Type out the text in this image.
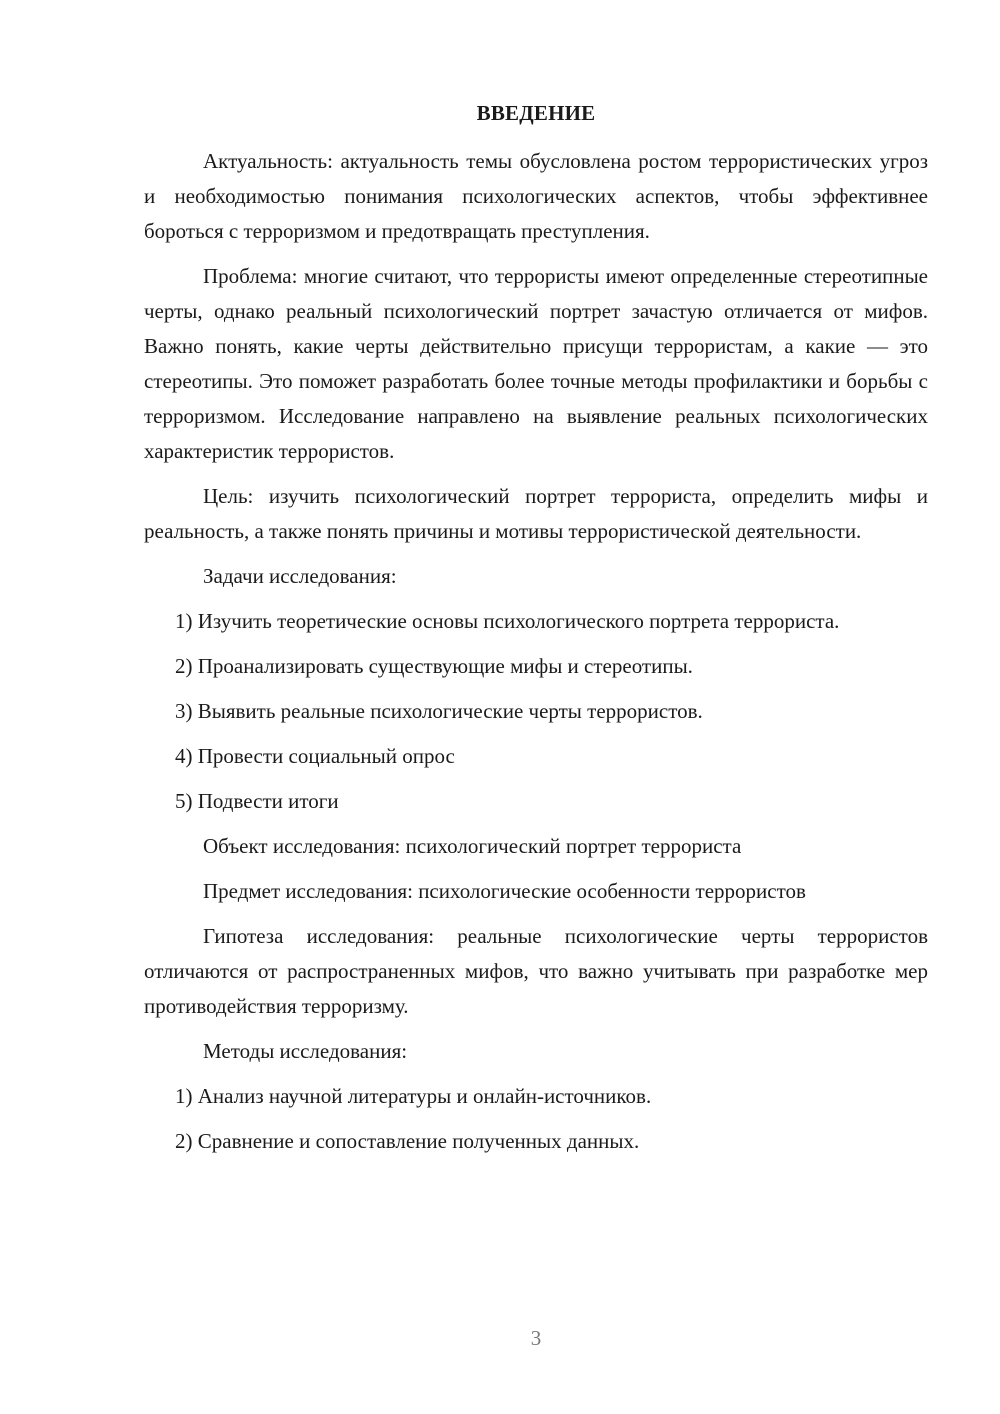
ВВЕДЕНИЕ
Актуальность: актуальность темы обусловлена ростом террористических угроз и необходимостью понимания психологических аспектов, чтобы эффективнее бороться с терроризмом и предотвращать преступления.
Проблема: многие считают, что террористы имеют определенные стереотипные черты, однако реальный психологический портрет зачастую отличается от мифов. Важно понять, какие черты действительно присущи террористам, а какие — это стереотипы. Это поможет разработать более точные методы профилактики и борьбы с терроризмом. Исследование направлено на выявление реальных психологических характеристик террористов.
Цель: изучить психологический портрет террориста, определить мифы и реальность, а также понять причины и мотивы террористической деятельности.
Задачи исследования:
1) Изучить теоретические основы психологического портрета террориста.
2) Проанализировать существующие мифы и стереотипы.
3) Выявить реальные психологические черты террористов.
4) Провести социальный опрос
5) Подвести итоги
Объект исследования: психологический портрет террориста
Предмет исследования: психологические особенности террористов
Гипотеза исследования: реальные психологические черты террористов отличаются от распространенных мифов, что важно учитывать при разработке мер противодействия терроризму.
Методы исследования:
1) Анализ научной литературы и онлайн-источников.
2) Сравнение и сопоставление полученных данных.
3
